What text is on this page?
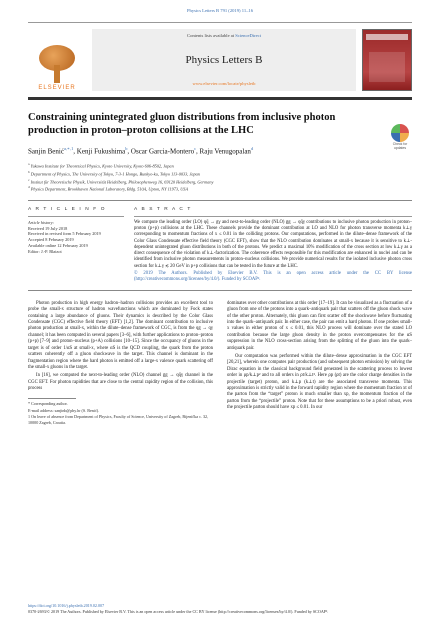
Physics Letters B 791 (2019) 11–16
ELSEVIER
Contents lists available at ScienceDirect
Physics Letters B
www.elsevier.com/locate/physletb
Constraining unintegrated gluon distributions from inclusive photon production in proton–proton collisions at the LHC
Check for updates
Sanjin Benić$^{a,∗,1}$, Kenji Fukushima$^b$, Oscar Garcia-Montero$^c$, Raju Venugopalan$^d$
$^a$ Yukawa Institute for Theoretical Physics, Kyoto University, Kyoto 606-8502, Japan
$^b$ Department of Physics, The University of Tokyo, 7-3-1 Hongo, Bunkyo-ku, Tokyo 113-0033, Japan
$^c$ Institut für Theoretische Physik, Universität Heidelberg, Philosophenweg 16, 69120 Heidelberg, Germany
$^d$ Physics Department, Brookhaven National Laboratory, Bldg. 510A, Upton, NY 11973, USA
A R T I C L E I N F O
Article history:
Received 19 July 2018
Received in revised form 5 February 2019
Accepted 8 February 2019
Available online 12 February 2019
Editor: J.-P. Blaizot
A B S T R A C T

We compute the leading order (LO) qq̄ → gγ and next-to-leading order (NLO) gg → qq̄γ contributions to inclusive photon production in proton–proton (p+p) collisions at the LHC. These channels provide the dominant contribution at LO and NLO for photon transverse momenta k⊥γ corresponding to momentum fractions of x ≤ 0.01 in the colliding protons. Our computations, performed in the dilute–dense framework of the Color Glass Condensate effective field theory (CGC EFT), show that the NLO contribution dominates at small-x because it is sensitive to k⊥-dependent unintegrated gluon distributions in both of the protons. We predict a maximal 10% modification of the cross section at low k⊥γ as a direct consequence of the violation of k⊥-factorization. The coherence effects responsible for this modification are enhanced in nuclei and can be identified from inclusive photon measurements in proton–nucleus collisions. We provide numerical results for the isolated inclusive photon cross section for k⊥γ ≲ 20 GeV in p+p collisions that can be tested in the future at the LHC.

© 2019 The Authors. Published by Elsevier B.V. This is an open access article under the CC BY license (http://creativecommons.org/licenses/by/4.0/). Funded by SCOAP³.

Photon production in high energy hadron–hadron collisions provides an excellent tool to probe the small-x structure of hadron wavefunctions which are dominated by Fock states containing a large abundance of gluons. Their dynamics is described by the Color Glass Condensate (CGC) effective field theory (EFT) [1,2]. The dominant contribution to inclusive photon production at small-x, within the dilute–dense framework of CGC, is from the qg → qγ channel; it has been computed in several papers [3–6], with further applications to proton–proton (p+p) [7–9] and proton–nucleus (p+A) collisions [10–15]. Since the occupancy of gluons in the target is of order 1/αS at small-x, where αS is the QCD coupling, the quark from the proton scatters coherently off a gluon shockwave in the target. This channel is dominant in the fragmentation region where the hard photon is emitted off a large-x valence quark scattering off the small-x gluons in the target.

In [16], we computed the next-to-leading order (NLO) channel gg → qq̄γ channel in the CGC EFT. For photon rapidities that are close to the central rapidity region of the collision, this process

* Corresponding author.
E-mail address: sanjinb@phy.hr (S. Benić).
1 On leave of absence from Department of Physics, Faculty of Science, University of Zagreb, Bijenička c. 32, 10000 Zagreb, Croatia.

dominates over other contributions at this order [17–19]. It can be visualized as a fluctuation of a gluon from one of the protons into a quark–antiquark pair that scatters off the gluon shock wave of the other proton. Alternately, this gluon can first scatter off the shockwave before fluctuating into the quark–antiquark pair. In either case, the pair can emit a hard photon. If one probes small-x values in either proton of x ≤ 0.01, this NLO process will dominate over the stated LO contribution because the large gluon density in the proton overcompensates for the αS suppression in the NLO cross-section arising from the splitting of the gluon into the quark–antiquark pair.

Our computation was performed within the dilute–dense approximation in the CGC EFT [20,21], wherein one computes pair production (and subsequent photon emission) by solving the Dirac equation in the classical background field generated in the scattering process to lowest order in ρp/k⊥p² and to all orders in ρt/k⊥t². Here ρp (ρt) are the color charge densities in the projectile (target) proton, and k⊥p (k⊥t) are the associated transverse momenta. This approximation is strictly valid in the forward rapidity region where the momentum fraction xt of the parton from the “target” proton is much smaller than xp, the momentum fraction of the parton from the “projectile” proton. Note that for these assumptions to be a priori robust, even the projectile parton should have xp ≤ 0.01. In our

https://doi.org/10.1016/j.physletb.2019.02.007
0370-2693/© 2019 The Authors. Published by Elsevier B.V. This is an open access article under the CC BY license (http://creativecommons.org/licenses/by/4.0/). Funded by SCOAP³.
